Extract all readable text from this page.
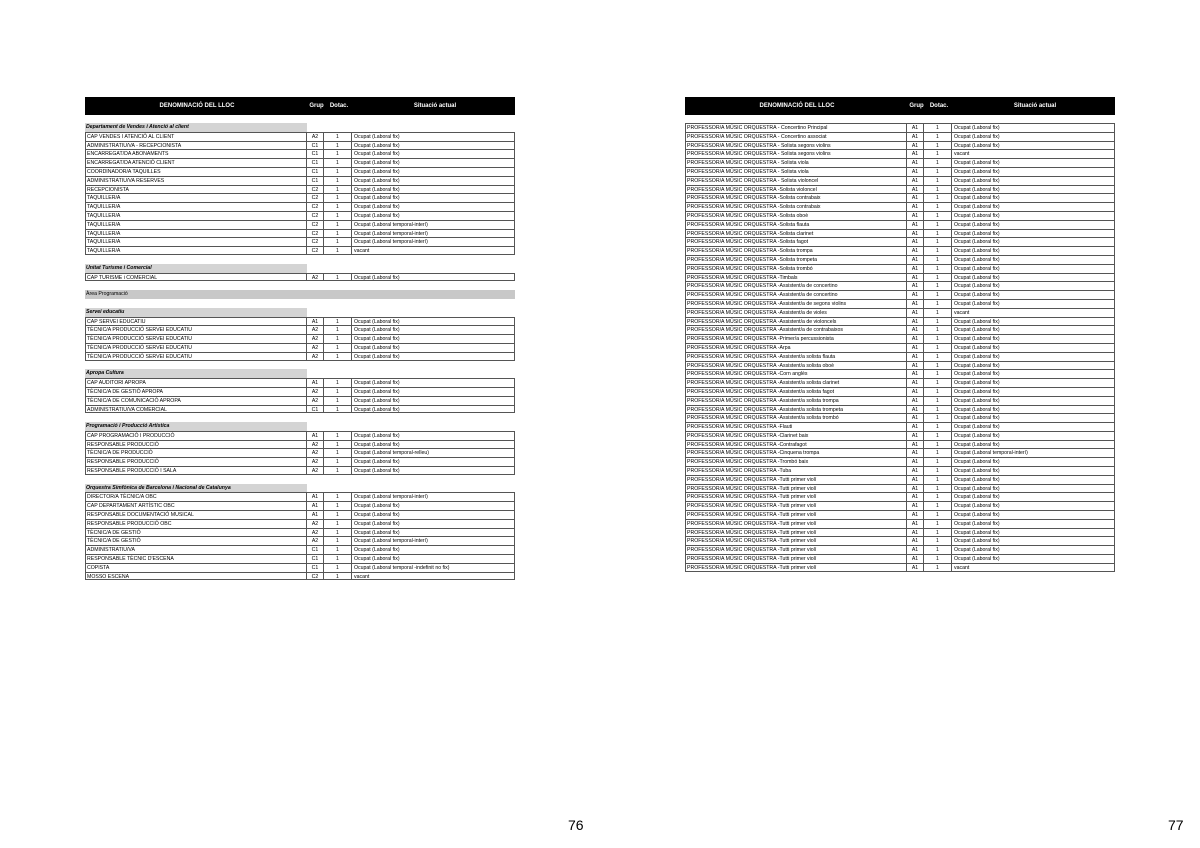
DENOMINACIÓ DEL LLOC	Grup	Dotac.	Situació actual
Departament de Vendes i Atenció al client
CAP VENDES I ATENCIÓ AL CLIENT	A2	1	Ocupat (Laboral fix)
ADMINISTRATIU/VA - RECEPCIONISTA	C1	1	Ocupat (Laboral fix)
ENCARREGAT/DA ABONAMENTS	C1	1	Ocupat (Laboral fix)
ENCARREGAT/DA ATENCIÓ CLIENT	C1	1	Ocupat (Laboral fix)
COORDINADOR/A TAQUILLES	C1	1	Ocupat (Laboral fix)
ADMINISTRATIU/VA RESERVES	C1	1	Ocupat (Laboral fix)
RECEPCIONISTA	C2	1	Ocupat (Laboral fix)
TAQUILLER/A	C2	1	Ocupat (Laboral fix)
TAQUILLER/A	C2	1	Ocupat (Laboral fix)
TAQUILLER/A	C2	1	Ocupat (Laboral fix)
TAQUILLER/A	C2	1	Ocupat (Laboral temporal-interí)
TAQUILLER/A	C2	1	Ocupat (Laboral temporal-interí)
TAQUILLER/A	C2	1	Ocupat (Laboral temporal-interí)
TAQUILLER/A	C2	1	vacant
Unitat Turisme i Comercial
CAP TURISME i COMERCIAL	A2	1	Ocupat (Laboral fix)
Àrea Programació
Servei educatiu
CAP SERVEI EDUCATIU	A1	1	Ocupat (Laboral fix)
TÈCNIC/A PRODUCCIÓ SERVEI EDUCATIU	A2	1	Ocupat (Laboral fix)
TÈCNIC/A PRODUCCIÓ SERVEI EDUCATIU	A2	1	Ocupat (Laboral fix)
TÈCNIC/A PRODUCCIÓ SERVEI EDUCATIU	A2	1	Ocupat (Laboral fix)
TÈCNIC/A PRODUCCIÓ SERVEI EDUCATIU	A2	1	Ocupat (Laboral fix)
Apropa Cultura
CAP AUDITORI APROPA	A1	1	Ocupat (Laboral fix)
TÈCNIC/A DE GESTIÓ APROPA	A2	1	Ocupat (Laboral fix)
TÈCNIC/A DE COMUNICACIÓ APROPA	A2	1	Ocupat (Laboral fix)
ADMINISTRATIU/VA COMERCIAL	C1	1	Ocupat (Laboral fix)
Programació i Producció Artística
CAP PROGRAMACIÓ I PRODUCCIÓ	A1	1	Ocupat (Laboral fix)
RESPONSABLE PRODUCCIÓ	A2	1	Ocupat (Laboral fix)
TÈCNIC/A DE PRODUCCIÓ	A2	1	Ocupat (Laboral temporal-relleu)
RESPONSABLE PRODUCCIÓ	A2	1	Ocupat (Laboral fix)
RESPONSABLE PRODUCCIÓ I SALA	A2	1	Ocupat (Laboral fix)
Orquestra Simfònica de Barcelona i Nacional de Catalunya
DIRECTOR/A TÈCNIC/A OBC	A1	1	Ocupat (Laboral temporal-interí)
CAP DEPARTAMENT ARTÍSTIC OBC	A1	1	Ocupat (Laboral fix)
RESPONSABLE DOCUMENTACIÓ MUSICAL	A1	1	Ocupat (Laboral fix)
RESPONSABLE PRODUCCIÓ OBC	A2	1	Ocupat (Laboral fix)
TÈCNIC/A DE GESTIÓ	A2	1	Ocupat (Laboral fix)
TÈCNIC/A DE GESTIÓ	A2	1	Ocupat (Laboral temporal-interí)
ADMINISTRATIU/VA	C1	1	Ocupat (Laboral fix)
RESPONSABLE TÈCNIC D'ESCENA	C1	1	Ocupat (Laboral fix)
COPISTA	C1	1	Ocupat (Laboral temporal -indefinit no fix)
MOSSO ESCENA	C2	1	vacant
DENOMINACIÓ DEL LLOC	Grup	Dotac.	Situació actual
PROFESSOR/A MÚSIC ORQUESTRA - Concertino Principal	A1	1	Ocupat (Laboral fix)
PROFESSOR/A MÚSIC ORQUESTRA - Concertino associat	A1	1	Ocupat (Laboral fix)
PROFESSOR/A MÚSIC ORQUESTRA - Solista segons violins	A1	1	Ocupat (Laboral fix)
PROFESSOR/A MÚSIC ORQUESTRA - Solista segons violins	A1	1	vacant
PROFESSOR/A MÚSIC ORQUESTRA - Solista viola	A1	1	Ocupat (Laboral fix)
PROFESSOR/A MÚSIC ORQUESTRA - Solista viola	A1	1	Ocupat (Laboral fix)
PROFESSOR/A MÚSIC ORQUESTRA - Solista violoncel	A1	1	Ocupat (Laboral fix)
PROFESSOR/A MÚSIC ORQUESTRA -Solista violoncel	A1	1	Ocupat (Laboral fix)
PROFESSOR/A MÚSIC ORQUESTRA -Solista contrabaix	A1	1	Ocupat (Laboral fix)
PROFESSOR/A MÚSIC ORQUESTRA -Solista contrabaix	A1	1	Ocupat (Laboral fix)
PROFESSOR/A MÚSIC ORQUESTRA -Solista oboè	A1	1	Ocupat (Laboral fix)
PROFESSOR/A MÚSIC ORQUESTRA -Solista flauta	A1	1	Ocupat (Laboral fix)
PROFESSOR/A MÚSIC ORQUESTRA -Solista clarinet	A1	1	Ocupat (Laboral fix)
PROFESSOR/A MÚSIC ORQUESTRA -Solista fagot	A1	1	Ocupat (Laboral fix)
PROFESSOR/A MÚSIC ORQUESTRA -Solista trompa	A1	1	Ocupat (Laboral fix)
PROFESSOR/A MÚSIC ORQUESTRA -Solista trompeta	A1	1	Ocupat (Laboral fix)
PROFESSOR/A MÚSIC ORQUESTRA -Solista trombó	A1	1	Ocupat (Laboral fix)
PROFESSOR/A MÚSIC ORQUESTRA -Timbals	A1	1	Ocupat (Laboral fix)
PROFESSOR/A MÚSIC ORQUESTRA -Assistent/a de concertino	A1	1	Ocupat (Laboral fix)
PROFESSOR/A MÚSIC ORQUESTRA -Assistent/a de concertino	A1	1	Ocupat (Laboral fix)
PROFESSOR/A MÚSIC ORQUESTRA -Assistent/a de segons violins	A1	1	Ocupat (Laboral fix)
PROFESSOR/A MÚSIC ORQUESTRA -Assistent/a de violes	A1	1	vacant
PROFESSOR/A MÚSIC ORQUESTRA -Assistent/a de violoncels	A1	1	Ocupat (Laboral fix)
PROFESSOR/A MÚSIC ORQUESTRA -Assistent/a de contrabaixos	A1	1	Ocupat (Laboral fix)
PROFESSOR/A MÚSIC ORQUESTRA -Primer/a percussionista	A1	1	Ocupat (Laboral fix)
PROFESSOR/A MÚSIC ORQUESTRA -Arpa	A1	1	Ocupat (Laboral fix)
PROFESSOR/A MÚSIC ORQUESTRA -Assistent/a solista flauta	A1	1	Ocupat (Laboral fix)
PROFESSOR/A MÚSIC ORQUESTRA -Assistent/a solista oboè	A1	1	Ocupat (Laboral fix)
PROFESSOR/A MÚSIC ORQUESTRA -Corn anglès	A1	1	Ocupat (Laboral fix)
PROFESSOR/A MÚSIC ORQUESTRA -Assistent/a solista clarinet	A1	1	Ocupat (Laboral fix)
PROFESSOR/A MÚSIC ORQUESTRA -Assistent/a solista fagot	A1	1	Ocupat (Laboral fix)
PROFESSOR/A MÚSIC ORQUESTRA -Assistent/a solista trompa	A1	1	Ocupat (Laboral fix)
PROFESSOR/A MÚSIC ORQUESTRA -Assistent/a solista trompeta	A1	1	Ocupat (Laboral fix)
PROFESSOR/A MÚSIC ORQUESTRA -Assistent/a solista trombó	A1	1	Ocupat (Laboral fix)
PROFESSOR/A MÚSIC ORQUESTRA -Flauti	A1	1	Ocupat (Laboral fix)
PROFESSOR/A MÚSIC ORQUESTRA -Clarinet baix	A1	1	Ocupat (Laboral fix)
PROFESSOR/A MÚSIC ORQUESTRA -Contrafagot	A1	1	Ocupat (Laboral fix)
PROFESSOR/A MÚSIC ORQUESTRA -Cinquena trompa	A1	1	Ocupat (Laboral temporal-interí)
PROFESSOR/A MÚSIC ORQUESTRA -Trombó baix	A1	1	Ocupat (Laboral fix)
PROFESSOR/A MÚSIC ORQUESTRA -Tuba	A1	1	Ocupat (Laboral fix)
PROFESSOR/A MÚSIC ORQUESTRA -Tutti primer violí	A1	1	Ocupat (Laboral fix)
PROFESSOR/A MÚSIC ORQUESTRA -Tutti primer violí	A1	1	Ocupat (Laboral fix)
PROFESSOR/A MÚSIC ORQUESTRA -Tutti primer violí	A1	1	Ocupat (Laboral fix)
PROFESSOR/A MÚSIC ORQUESTRA -Tutti primer violí	A1	1	Ocupat (Laboral fix)
PROFESSOR/A MÚSIC ORQUESTRA -Tutti primer violí	A1	1	Ocupat (Laboral fix)
PROFESSOR/A MÚSIC ORQUESTRA -Tutti primer violí	A1	1	Ocupat (Laboral fix)
PROFESSOR/A MÚSIC ORQUESTRA -Tutti primer violí	A1	1	Ocupat (Laboral fix)
PROFESSOR/A MÚSIC ORQUESTRA -Tutti primer violí	A1	1	Ocupat (Laboral fix)
PROFESSOR/A MÚSIC ORQUESTRA -Tutti primer violí	A1	1	Ocupat (Laboral fix)
PROFESSOR/A MÚSIC ORQUESTRA -Tutti primer violí	A1	1	Ocupat (Laboral fix)
PROFESSOR/A MÚSIC ORQUESTRA -Tutti primer violí	A1	1	vacant
76	77
